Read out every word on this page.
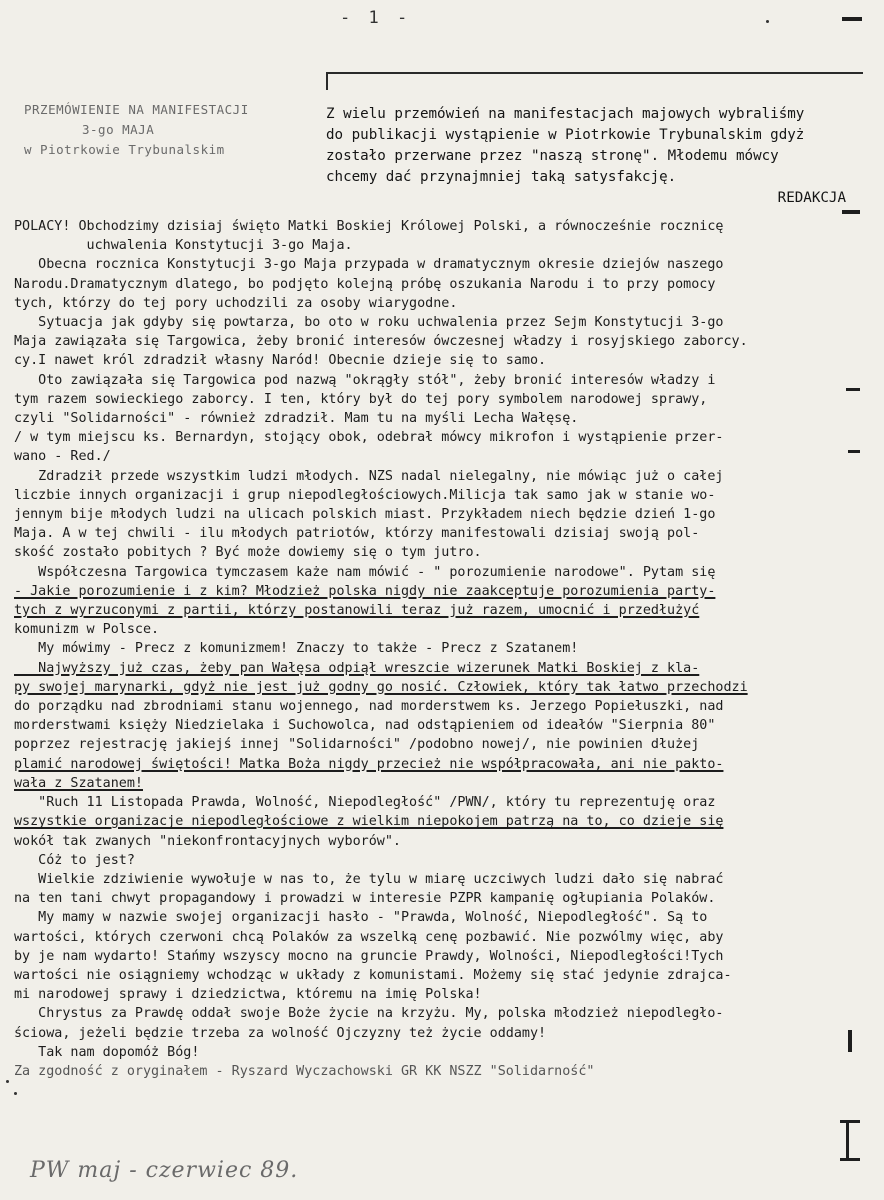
- 1 -
PRZEMÓWIENIE NA MANIFESTACJI
3-go MAJA
w Piotrkowie Trybunalskim
Z wielu przemówień na manifestacjach majowych wybraliśmy
do publikacji wystąpienie w Piotrkowie Trybunalskim gdyż
zostało przerwane przez "naszą stronę". Młodemu mówcy
chcemy dać przynajmniej taką satysfakcję.
REDAKCJA
POLACY! Obchodzimy dzisiaj święto Matki Boskiej Królowej Polski, a równocześnie rocznicę
uchwalenia Konstytucji 3-go Maja.
Obecna rocznica Konstytucji 3-go Maja przypada w dramatycznym okresie dziejów naszego
Narodu.Dramatycznym dlatego, bo podjęto kolejną próbę oszukania Narodu i to przy pomocy
tych, którzy do tej pory uchodzili za osoby wiarygodne.
Sytuacja jak gdyby się powtarza, bo oto w roku uchwalenia przez Sejm Konstytucji 3-go
Maja zawiązała się Targowica, żeby bronić interesów ówczesnej władzy i rosyjskiego zaborcy.
cy.I nawet król zdradził własny Naród! Obecnie dzieje się to samo.
Oto zawiązała się Targowica pod nazwą "okrągły stół", żeby bronić interesów władzy i
tym razem sowieckiego zaborcy. I ten, który był do tej pory symbolem narodowej sprawy,
czyli "Solidarności" - również zdradził. Mam tu na myśli Lecha Wałęsę.
/ w tym miejscu ks. Bernardyn, stojący obok, odebrał mówcy mikrofon i wystąpienie przer-
wano - Red./
Zdradził przede wszystkim ludzi młodych. NZS nadal nielegalny, nie mówiąc już o całej
liczbie innych organizacji i grup niepodległościowych.Milicja tak samo jak w stanie wo-
jennym bije młodych ludzi na ulicach polskich miast. Przykładem niech będzie dzień 1-go
Maja. A w tej chwili - ilu młodych patriotów, którzy manifestowali dzisiaj swoją pol-
skość zostało pobitych ? Być może dowiemy się o tym jutro.
Współczesna Targowica tymczasem każe nam mówić - " porozumienie narodowe". Pytam się
- Jakie porozumienie i z kim? Młodzież polska nigdy nie zaakceptuje porozumienia party-
tych z wyrzuconymi z partii, którzy postanowili teraz już razem, umocnić i przedłużyć
komunizm w Polsce.
My mówimy - Precz z komunizmem! Znaczy to także - Precz z Szatanem!
Najwyższy już czas, żeby pan Wałęsa odpiął wreszcie wizerunek Matki Boskiej z kla-
py swojej marynarki, gdyż nie jest już godny go nosić. Człowiek, który tak łatwo przechodzi
do porządku nad zbrodniami stanu wojennego, nad morderstwem ks. Jerzego Popiełuszki, nad
morderstwami księży Niedzielaka i Suchowolca, nad odstąpieniem od ideałów "Sierpnia 80"
poprzez rejestrację jakiejś innej "Solidarności" /podobno nowej/, nie powinien dłużej
plamić narodowej świętości! Matka Boża nigdy przecież nie współpracowała, ani nie pakto-
wała z Szatanem!
"Ruch 11 Listopada Prawda, Wolność, Niepodległość" /PWN/, który tu reprezentuję oraz
wszystkie organizacje niepodległościowe z wielkim niepokojem patrzą na to, co dzieje się
wokół tak zwanych "niekonfrontacyjnych wyborów".
Cóż to jest?
Wielkie zdziwienie wywołuje w nas to, że tylu w miarę uczciwych ludzi dało się nabrać
na ten tani chwyt propagandowy i prowadzi w interesie PZPR kampanię ogłupiania Polaków.
My mamy w nazwie swojej organizacji hasło - "Prawda, Wolność, Niepodległość". Są to
wartości, których czerwoni chcą Polaków za wszelką cenę pozbawić. Nie pozwólmy więc, aby
by je nam wydarto! Stańmy wszyscy mocno na gruncie Prawdy, Wolności, Niepodległości!Tych
wartości nie osiągniemy wchodząc w układy z komunistami. Możemy się stać jedynie zdrajca-
mi narodowej sprawy i dziedzictwa, któremu na imię Polska!
Chrystus za Prawdę oddał swoje Boże życie na krzyżu. My, polska młodzież niepodległo-
ściowa, jeżeli będzie trzeba za wolność Ojczyzny też życie oddamy!
Tak nam dopomóż Bóg!
Za zgodność z oryginałem - Ryszard Wyczachowski GR KK NSZZ "Solidarność"
PW maj - czerwiec 89.
